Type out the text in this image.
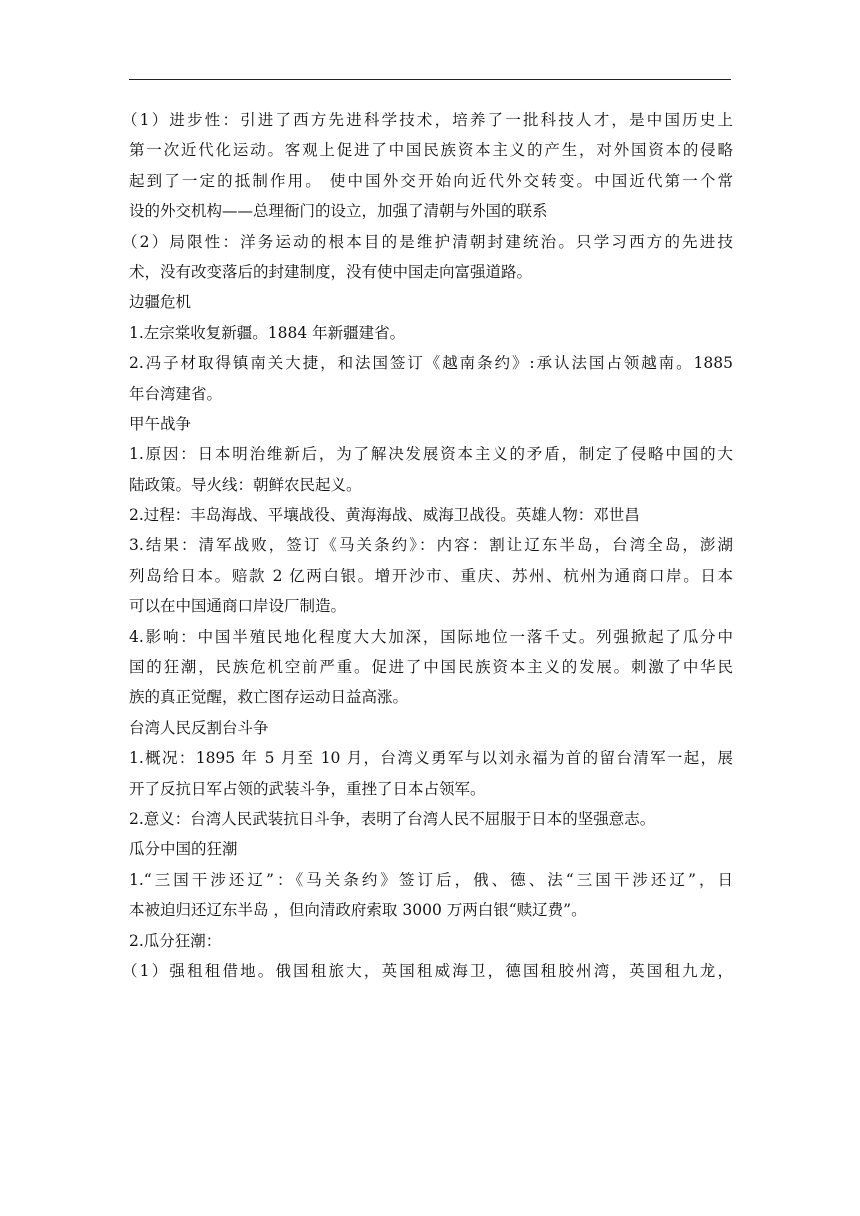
（1）进步性：引进了西方先进科学技术，培养了一批科技人才，是中国历史上
第一次近代化运动。客观上促进了中国民族资本主义的产生，对外国资本的侵略
起到了一定的抵制作用。 使中国外交开始向近代外交转变。中国近代第一个常
设的外交机构——总理衙门的设立，加强了清朝与外国的联系
（2）局限性：洋务运动的根本目的是维护清朝封建统治。只学习西方的先进技
术，没有改变落后的封建制度，没有使中国走向富强道路。
边疆危机
1.左宗棠收复新疆。1884 年新疆建省。
2.冯子材取得镇南关大捷，和法国签订《越南条约》:承认法国占领越南。1885
年台湾建省。
甲午战争
1.原因：日本明治维新后，为了解决发展资本主义的矛盾，制定了侵略中国的大
陆政策。导火线：朝鲜农民起义。
2.过程：丰岛海战、平壤战役、黄海海战、威海卫战役。英雄人物：邓世昌
3.结果：清军战败，签订《马关条约》：内容：割让辽东半岛，台湾全岛，澎湖
列岛给日本。赔款 2 亿两白银。增开沙市、重庆、苏州、杭州为通商口岸。日本
可以在中国通商口岸设厂制造。
4.影响：中国半殖民地化程度大大加深，国际地位一落千丈。列强掀起了瓜分中
国的狂潮，民族危机空前严重。促进了中国民族资本主义的发展。刺激了中华民
族的真正觉醒，救亡图存运动日益高涨。
台湾人民反割台斗争
1.概况：1895 年 5 月至 10 月，台湾义勇军与以刘永福为首的留台清军一起，展
开了反抗日军占领的武装斗争，重挫了日本占领军。
2.意义：台湾人民武装抗日斗争，表明了台湾人民不屈服于日本的坚强意志。
瓜分中国的狂潮
1.“三国干涉还辽”：《马关条约》签订后，俄、德、法“三国干涉还辽”，日
本被迫归还辽东半岛 ，但向清政府索取 3000 万两白银“赎辽费”。
2.瓜分狂潮：
（1）强租租借地。俄国租旅大，英国租威海卫，德国租胶州湾，英国租九龙，
